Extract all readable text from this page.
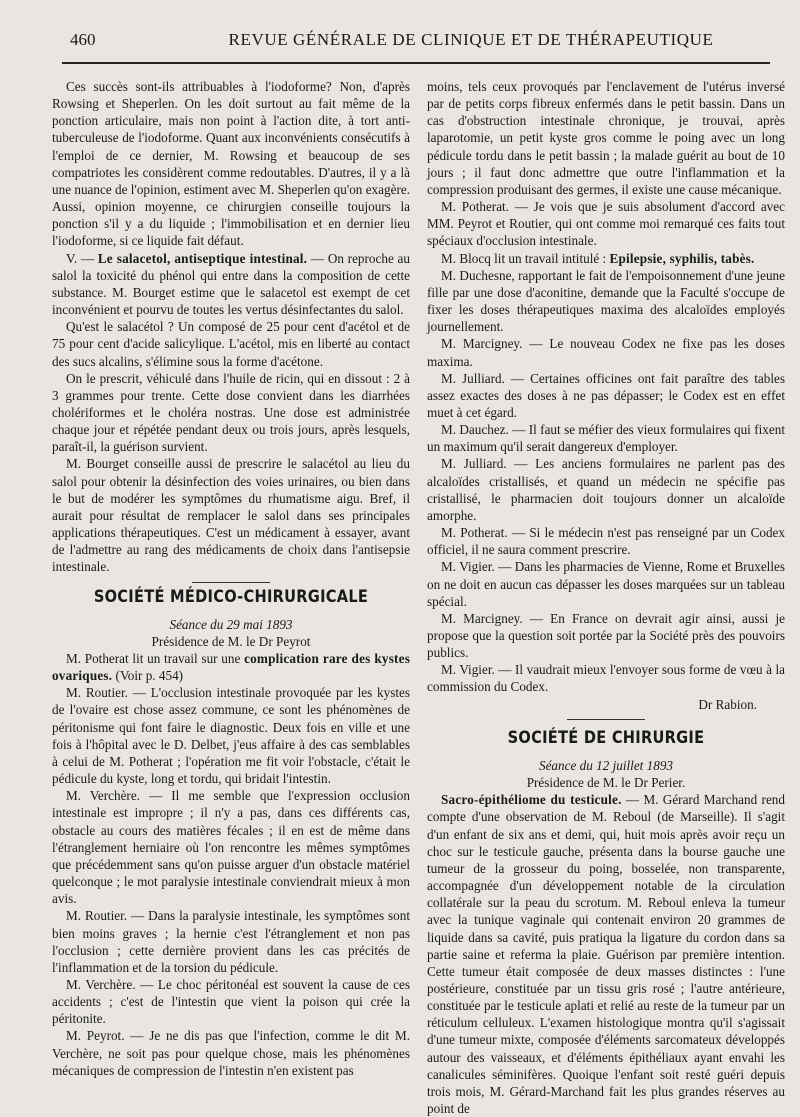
460	REVUE GÉNÉRALE DE CLINIQUE ET DE THÉRAPEUTIQUE

Ces succès sont-ils attribuables à l'iodoforme? Non, d'après Rowsing et Sheperlen. On les doit surtout au fait même de la ponction articulaire, mais non point à l'action dite, à tort anti-tuberculeuse de l'iodoforme. Quant aux inconvénients consécutifs à l'emploi de ce dernier, M. Rowsing et beaucoup de ses compatriotes les considèrent comme redoutables. D'autres, il y a là une nuance de l'opinion, estiment avec M. Sheperlen qu'on exagère. Aussi, opinion moyenne, ce chirurgien conseille toujours la ponction s'il y a du liquide ; l'immobilisation et en dernier lieu l'iodoforme, si ce liquide fait défaut.

V. — Le salacetol, antiseptique intestinal. — On reproche au salol la toxicité du phénol qui entre dans la composition de cette substance. M. Bourget estime que le salacetol est exempt de cet inconvénient et pourvu de toutes les vertus désinfectantes du salol.

Qu'est le salacétol ? Un composé de 25 pour cent d'acétol et de 75 pour cent d'acide salicylique. L'acétol, mis en liberté au contact des sucs alcalins, s'élimine sous la forme d'acétone.

On le prescrit, véhiculé dans l'huile de ricin, qui en dissout : 2 à 3 grammes pour trente. Cette dose convient dans les diarrhées cholériformes et le choléra nostras. Une dose est administrée chaque jour et répétée pendant deux ou trois jours, après lesquels, paraît-il, la guérison survient.

M. Bourget conseille aussi de prescrire le salacétol au lieu du salol pour obtenir la désinfection des voies urinaires, ou bien dans le but de modérer les symptômes du rhumatisme aigu. Bref, il aurait pour résultat de remplacer le salol dans ses principales applications thérapeutiques. C'est un médicament à essayer, avant de l'admettre au rang des médicaments de choix dans l'antisepsie intestinale.

SOCIÉTÉ MÉDICO-CHIRURGICALE

Séance du 29 mai 1893

Présidence de M. le Dr Peyrot

M. Potherat lit un travail sur une complication rare des kystes ovariques. (Voir p. 454)

M. Routier. — L'occlusion intestinale provoquée par les kystes de l'ovaire est chose assez commune, ce sont les phénomènes de péritonisme qui font faire le diagnostic. Deux fois en ville et une fois à l'hôpital avec le D. Delbet, j'eus affaire à des cas semblables à celui de M. Potherat ; l'opération me fit voir l'obstacle, c'était le pédicule du kyste, long et tordu, qui bridait l'intestin.

M. Verchère. — Il me semble que l'expression occlusion intestinale est impropre ; il n'y a pas, dans ces différents cas, obstacle au cours des matières fécales ; il en est de même dans l'étranglement herniaire où l'on rencontre les mêmes symptômes que précédemment sans qu'on puisse arguer d'un obstacle matériel quelconque ; le mot paralysie intestinale conviendrait mieux à mon avis.

M. Routier. — Dans la paralysie intestinale, les symptômes sont bien moins graves ; la hernie c'est l'étranglement et non pas l'occlusion ; cette dernière provient dans les cas précités de l'inflammation et de la torsion du pédicule.

M. Verchère. — Le choc péritonéal est souvent la cause de ces accidents ; c'est de l'intestin que vient la poison qui crée la péritonite.

M. Peyrot. — Je ne dis pas que l'infection, comme le dit M. Verchère, ne soit pas pour quelque chose, mais les phénomènes mécaniques de compression de l'intestin n'en existent pas

moins, tels ceux provoqués par l'enclavement de l'utérus inversé par de petits corps fibreux enfermés dans le petit bassin. Dans un cas d'obstruction intestinale chronique, je trouvai, après laparotomie, un petit kyste gros comme le poing avec un long pédicule tordu dans le petit bassin ; la malade guérit au bout de 10 jours ; il faut donc admettre que outre l'inflammation et la compression produisant des germes, il existe une cause mécanique.

M. Potherat. — Je vois que je suis absolument d'accord avec MM. Peyrot et Routier, qui ont comme moi remarqué ces faits tout spéciaux d'occlusion intestinale.

M. Blocq lit un travail intitulé : Epilepsie, syphilis, tabès.

M. Duchesne, rapportant le fait de l'empoisonnement d'une jeune fille par une dose d'aconitine, demande que la Faculté s'occupe de fixer les doses thérapeutiques maxima des alcaloïdes employés journellement.

M. Marcigney. — Le nouveau Codex ne fixe pas les doses maxima.

M. Julliard. — Certaines officines ont fait paraître des tables assez exactes des doses à ne pas dépasser; le Codex est en effet muet à cet égard.

M. Dauchez. — Il faut se méfier des vieux formulaires qui fixent un maximum qu'il serait dangereux d'employer.

M. Julliard. — Les anciens formulaires ne parlent pas des alcaloïdes cristallisés, et quand un médecin ne spécifie pas cristallisé, le pharmacien doit toujours donner un alcaloïde amorphe.

M. Potherat. — Si le médecin n'est pas renseigné par un Codex officiel, il ne saura comment prescrire.

M. Vigier. — Dans les pharmacies de Vienne, Rome et Bruxelles on ne doit en aucun cas dépasser les doses marquées sur un tableau spécial.

M. Marcigney. — En France on devrait agir ainsi, aussi je propose que la question soit portée par la Société près des pouvoirs publics.

M. Vigier. — Il vaudrait mieux l'envoyer sous forme de vœu à la commission du Codex.

Dr Rabion.

SOCIÉTÉ DE CHIRURGIE

Séance du 12 juillet 1893

Présidence de M. le Dr Perier.

Sacro-épithéliome du testicule. — M. Gérard Marchand rend compte d'une observation de M. Reboul (de Marseille). Il s'agit d'un enfant de six ans et demi, qui, huit mois après avoir reçu un choc sur le testicule gauche, présenta dans la bourse gauche une tumeur de la grosseur du poing, bosselée, non transparente, accompagnée d'un développement notable de la circulation collatérale sur la peau du scrotum. M. Reboul enleva la tumeur avec la tunique vaginale qui contenait environ 20 grammes de liquide dans sa cavité, puis pratiqua la ligature du cordon dans sa partie saine et referma la plaie. Guérison par première intention. Cette tumeur était composée de deux masses distinctes : l'une postérieure, constituée par un tissu gris rosé ; l'autre antérieure, constituée par le testicule aplati et relié au reste de la tumeur par un réticulum celluleux. L'examen histologique montra qu'il s'agissait d'une tumeur mixte, composée d'éléments sarcomateux développés autour des vaisseaux, et d'éléments épithéliaux ayant envahi les canalicules séminifères. Quoique l'enfant soit resté guéri depuis trois mois, M. Gérard-Marchand fait les plus grandes réserves au point de
